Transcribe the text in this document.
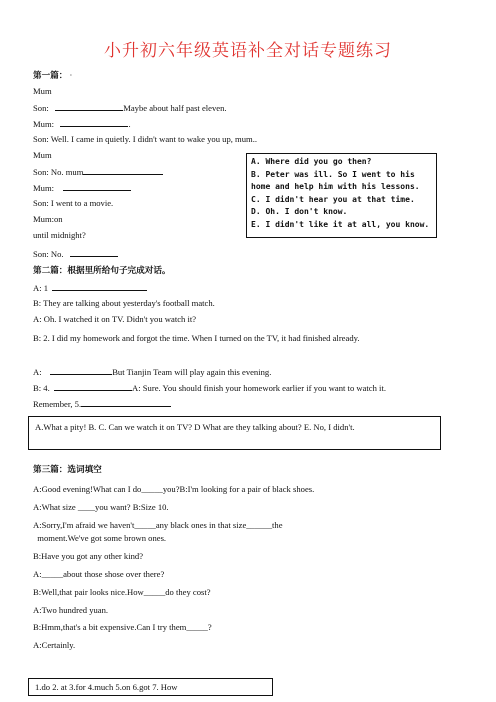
小升初六年级英语补全对话专题练习
第一篇： ·
Mum
Son:	Maybe about half past eleven.
Mum:	.
Son: Well. I came in quietly. I didn't want to wake you up, mum..
Mum
Son: No. mum
Mum:
Son: I went to a movie.
Mum:on
until midnight?
Son: No.
A. Where did you go then?
B. Peter was ill. So I went to his
home and help him with his lessons.
C. I didn't hear you at that time.
D. Oh. I don't know.
E. I didn't like it at all, you know.
第二篇：根据里所给句子完成对话。
A: 1
B: They are talking about yesterday's football match.
A: Oh. I watched it on TV. Didn't you watch it?
B: 2. I did my homework and forgot the time. When I turned on the TV, it had finished already.
A:	But Tianjin Team will play again this evening.
B: 4.	A: Sure. You should finish your homework earlier if you want to watch it.
Remember, 5.
A.What a pity! B. C. Can we watch it on TV? D What are they talking about? E. No, I didn't.
第三篇：选词填空
A:Good evening!What can I do_____you?B:I'm looking for a pair of black shoes.
A:What size ____you want? B:Size 10.
A:Sorry,I'm afraid we haven't_____any black ones in that size______the
moment.We've got some brown ones.
B:Have you got any other kind?
A:_____about those shose over there?
B:Well,that pair looks nice.How_____do they cost?
A:Two hundred yuan.
B:Hmm,that's a bit expensive.Can I try them_____?
A:Certainly.
1.do 2. at 3.for 4.much 5.on 6.got 7. How
